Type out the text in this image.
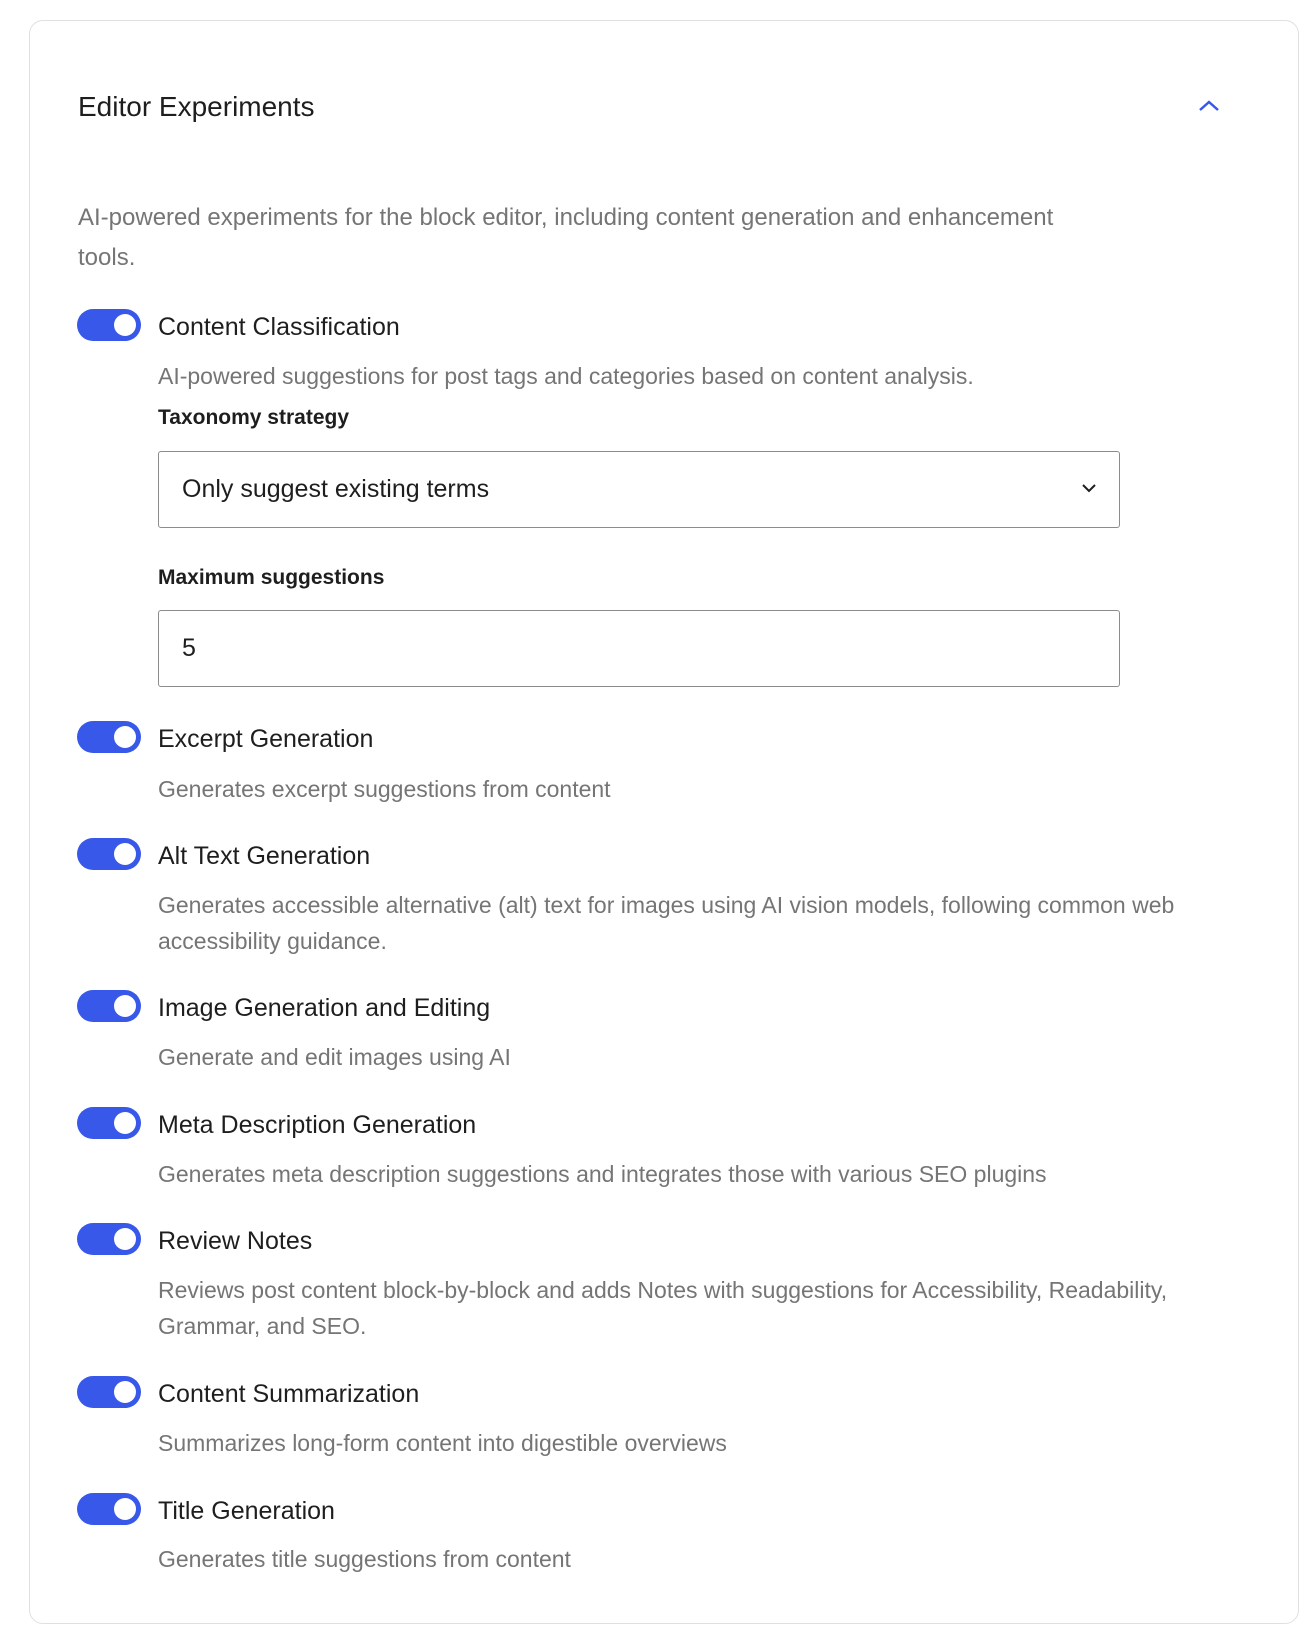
Editor Experiments
AI-powered experiments for the block editor, including content generation and enhancement tools.
Content Classification
AI-powered suggestions for post tags and categories based on content analysis.
Taxonomy strategy
Only suggest existing terms
Maximum suggestions
5
Excerpt Generation
Generates excerpt suggestions from content
Alt Text Generation
Generates accessible alternative (alt) text for images using AI vision models, following common web accessibility guidance.
Image Generation and Editing
Generate and edit images using AI
Meta Description Generation
Generates meta description suggestions and integrates those with various SEO plugins
Review Notes
Reviews post content block-by-block and adds Notes with suggestions for Accessibility, Readability, Grammar, and SEO.
Content Summarization
Summarizes long-form content into digestible overviews
Title Generation
Generates title suggestions from content
